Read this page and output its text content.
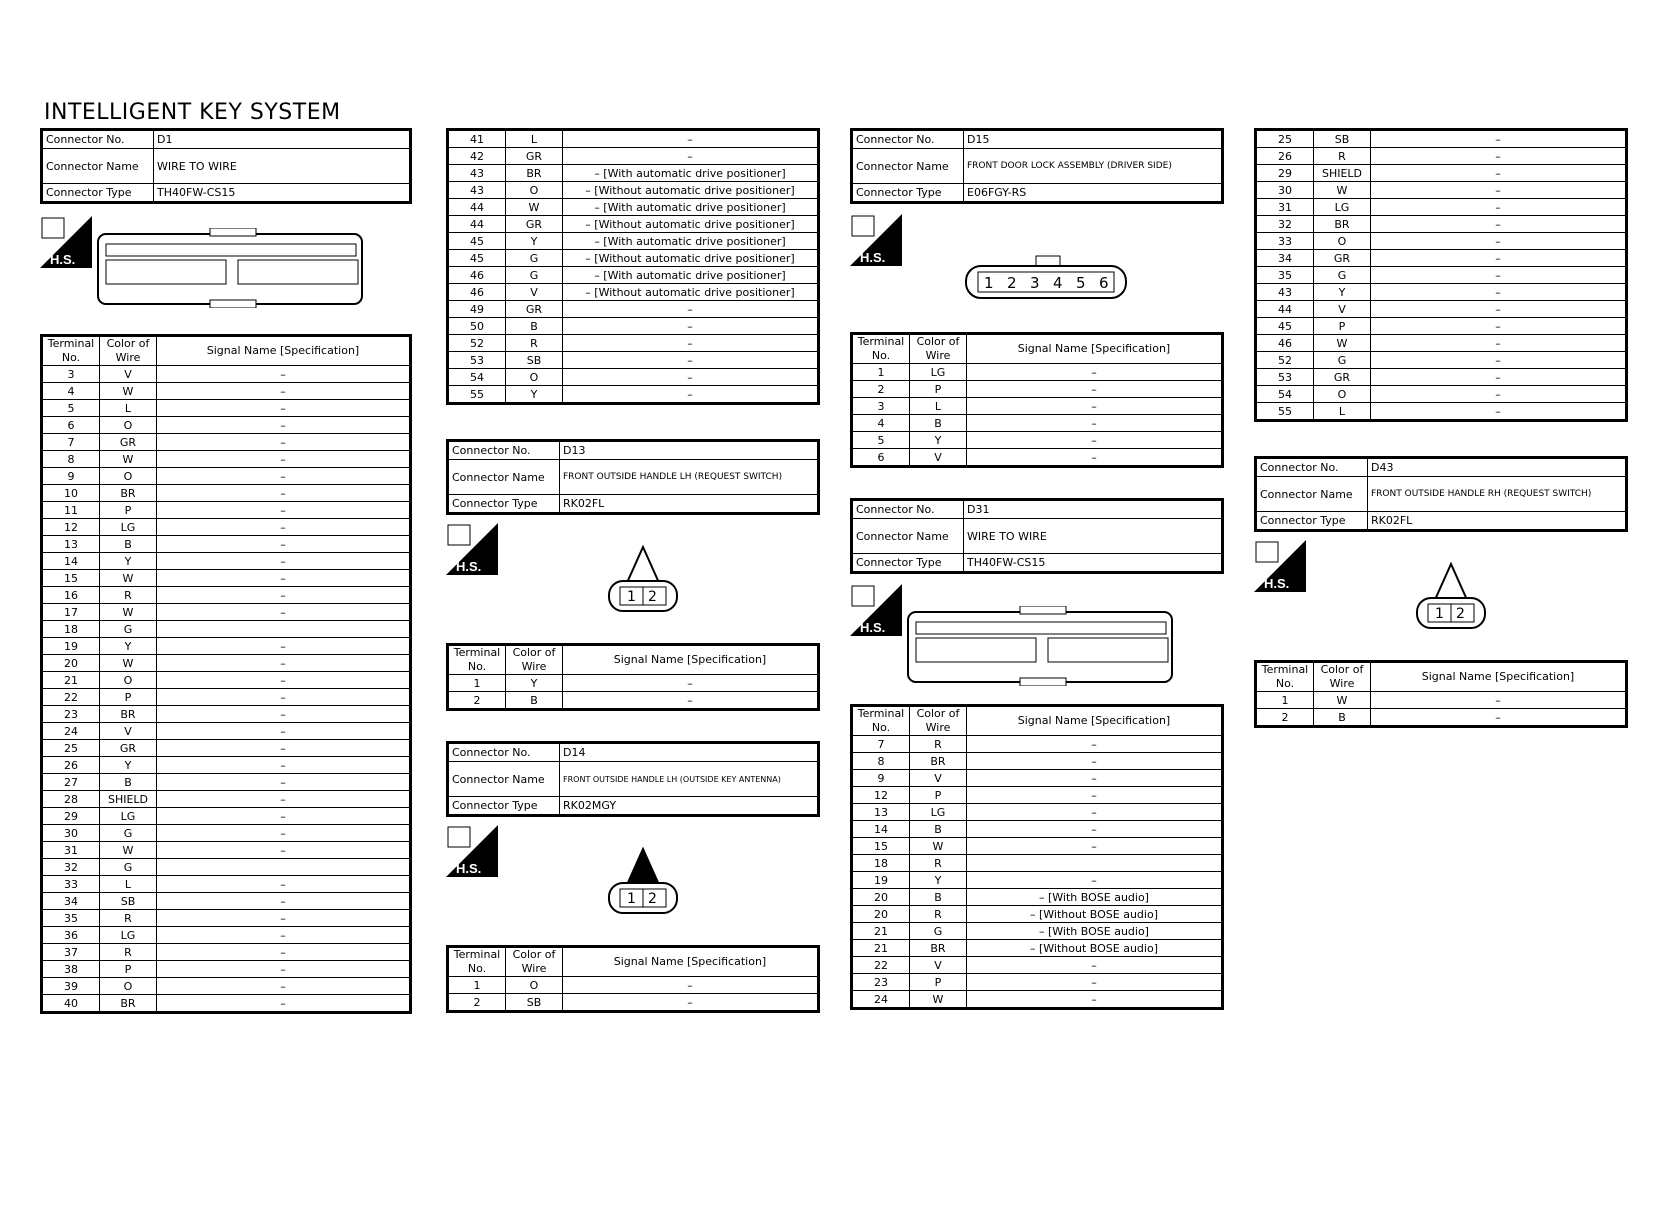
INTELLIGENT KEY SYSTEM
Connector No.	D1
Connector Name	WIRE TO WIRE
Connector Type	TH40FW-CS15
H.S.
Terminal No.	Color of Wire	Signal Name [Specification]
3	V	–
4	W	–
5	L	–
6	O	–
7	GR	–
8	W	–
9	O	–
10	BR	–
11	P	–
12	LG	–
13	B	–
14	Y	–
15	W	–
16	R	–
17	W	–
18	G	
19	Y	–
20	W	–
21	O	–
22	P	–
23	BR	–
24	V	–
25	GR	–
26	Y	–
27	B	–
28	SHIELD	–
29	LG	–
30	G	–
31	W	–
32	G	
33	L	–
34	SB	–
35	R	–
36	LG	–
37	R	–
38	P	–
39	O	–
40	BR	–
41	L	–
42	GR	–
43	BR	– [With automatic drive positioner]
43	O	– [Without automatic drive positioner]
44	W	– [With automatic drive positioner]
44	GR	– [Without automatic drive positioner]
45	Y	– [With automatic drive positioner]
45	G	– [Without automatic drive positioner]
46	G	– [With automatic drive positioner]
46	V	– [Without automatic drive positioner]
49	GR	–
50	B	–
52	R	–
53	SB	–
54	O	–
55	Y	–
Connector No.	D13
Connector Name	FRONT OUTSIDE HANDLE LH (REQUEST SWITCH)
Connector Type	RK02FL
H.S.
1 2
Terminal No.	Color of Wire	Signal Name [Specification]
1	Y	–
2	B	–
Connector No.	D14
Connector Name	FRONT OUTSIDE HANDLE LH (OUTSIDE KEY ANTENNA)
Connector Type	RK02MGY
H.S.
1 2
Terminal No.	Color of Wire	Signal Name [Specification]
1	O	–
2	SB	–
Connector No.	D15
Connector Name	FRONT DOOR LOCK ASSEMBLY (DRIVER SIDE)
Connector Type	E06FGY-RS
H.S.
1 2 3 4 5 6
Terminal No.	Color of Wire	Signal Name [Specification]
1	LG	–
2	P	–
3	L	–
4	B	–
5	Y	–
6	V	–
Connector No.	D31
Connector Name	WIRE TO WIRE
Connector Type	TH40FW-CS15
H.S.
Terminal No.	Color of Wire	Signal Name [Specification]
7	R	–
8	BR	–
9	V	–
12	P	–
13	LG	–
14	B	–
15	W	–
18	R	
19	Y	–
20	B	– [With BOSE audio]
20	R	– [Without BOSE audio]
21	G	– [With BOSE audio]
21	BR	– [Without BOSE audio]
22	V	–
23	P	–
24	W	–
25	SB	–
26	R	–
29	SHIELD	–
30	W	–
31	LG	–
32	BR	–
33	O	–
34	GR	–
35	G	–
43	Y	–
44	V	–
45	P	–
46	W	–
52	G	–
53	GR	–
54	O	–
55	L	–
Connector No.	D43
Connector Name	FRONT OUTSIDE HANDLE RH (REQUEST SWITCH)
Connector Type	RK02FL
H.S.
1 2
Terminal No.	Color of Wire	Signal Name [Specification]
1	W	–
2	B	–
